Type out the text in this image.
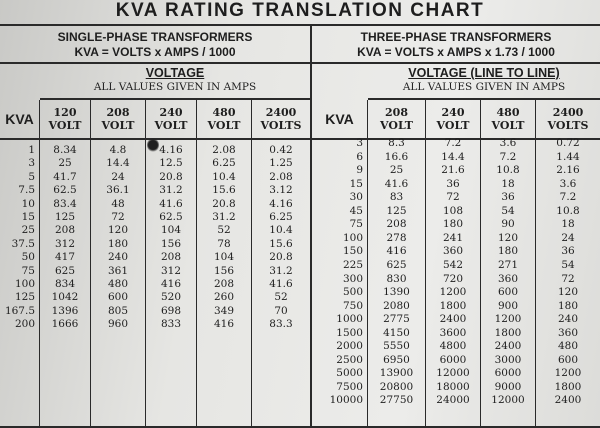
KVA RATING TRANSLATION CHART
SINGLE-PHASE TRANSFORMERS
KVA = VOLTS x AMPS / 1000
VOLTAGE
ALL VALUES GIVEN IN AMPS
KVA
1
3
5
7.5
10
15
25
37.5
50
75
100
125
167.5
200
120
VOLT
8.34
25
41.7
62.5
83.4
125
208
312
417
625
834
1042
1396
1666
208
VOLT
4.8
14.4
24
36.1
48
72
120
180
240
361
480
600
805
960
240
VOLT
4.16
12.5
20.8
31.2
41.6
62.5
104
156
208
312
416
520
698
833
480
VOLT
2.08
6.25
10.4
15.6
20.8
31.2
52
78
104
156
208
260
349
416
2400
VOLTS
0.42
1.25
2.08
3.12
4.16
6.25
10.4
15.6
20.8
31.2
41.6
52
70
83.3
THREE-PHASE TRANSFORMERS
KVA = VOLTS x AMPS x 1.73 / 1000
VOLTAGE (LINE TO LINE)
ALL VALUES GIVEN IN AMPS
KVA
3
6
9
15
30
45
75
100
150
225
300
500
750
1000
1500
2000
2500
5000
7500
10000
208
VOLT
8.3
16.6
25
41.6
83
125
208
278
416
625
830
1390
2080
2775
4150
5550
6950
13900
20800
27750
240
VOLT
7.2
14.4
21.6
36
72
108
180
241
360
542
720
1200
1800
2400
3600
4800
6000
12000
18000
24000
480
VOLT
3.6
7.2
10.8
18
36
54
90
120
180
271
360
600
900
1200
1800
2400
3000
6000
9000
12000
2400
VOLTS
0.72
1.44
2.16
3.6
7.2
10.8
18
24
36
54
72
120
180
240
360
480
600
1200
1800
2400
